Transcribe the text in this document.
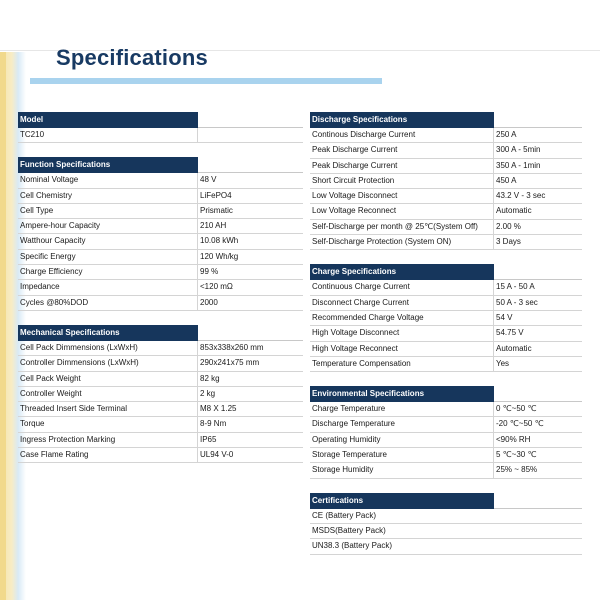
Specifications
Model
TC210
Function Specifications
Nominal Voltage	48 V
Cell Chemistry	LiFePO4
Cell Type	Prismatic
Ampere-hour Capacity	210 AH
Watthour Capacity	10.08 kWh
Specific Energy	120 Wh/kg
Charge Efficiency	99 %
Impedance	<120 mΩ
Cycles @80%DOD	2000
Mechanical Specifications
Cell Pack Dimmensions (LxWxH)	853x338x260 mm
Controller Dimmensions (LxWxH)	290x241x75 mm
Cell Pack Weight	82 kg
Controller Weight	2 kg
Threaded Insert Side Terminal	M8 X 1.25
Torque	8-9 Nm
Ingress Protection Marking	IP65
Case Flame Rating	UL94 V-0
Discharge Specifications
Continous Discharge Current	250 A
Peak Discharge Current	300 A - 5min
Peak Discharge Current	350 A - 1min
Short Circuit Protection	450 A
Low Voltage Disconnect	43.2 V - 3 sec
Low Voltage Reconnect	Automatic
Self-Discharge per month @ 25℃(System Off)	2.00 %
Self-Discharge Protection (System ON)	3 Days
Charge Specifications
Continuous Charge Current	15 A - 50 A
Disconnect Charge Current	50 A - 3 sec
Recommended Charge Voltage	54 V
High Voltage Disconnect	54.75 V
High Voltage Reconnect	Automatic
Temperature Compensation	Yes
Environmental Specifications
Charge Temperature	0 ℃~50 ℃
Discharge Temperature	-20 ℃~50 ℃
Operating Humidity	<90% RH
Storage Temperature	5 ℃~30 ℃
Storage Humidity	25% ~ 85%
Certifications
CE (Battery Pack)
MSDS(Battery Pack)
UN38.3 (Battery Pack)
